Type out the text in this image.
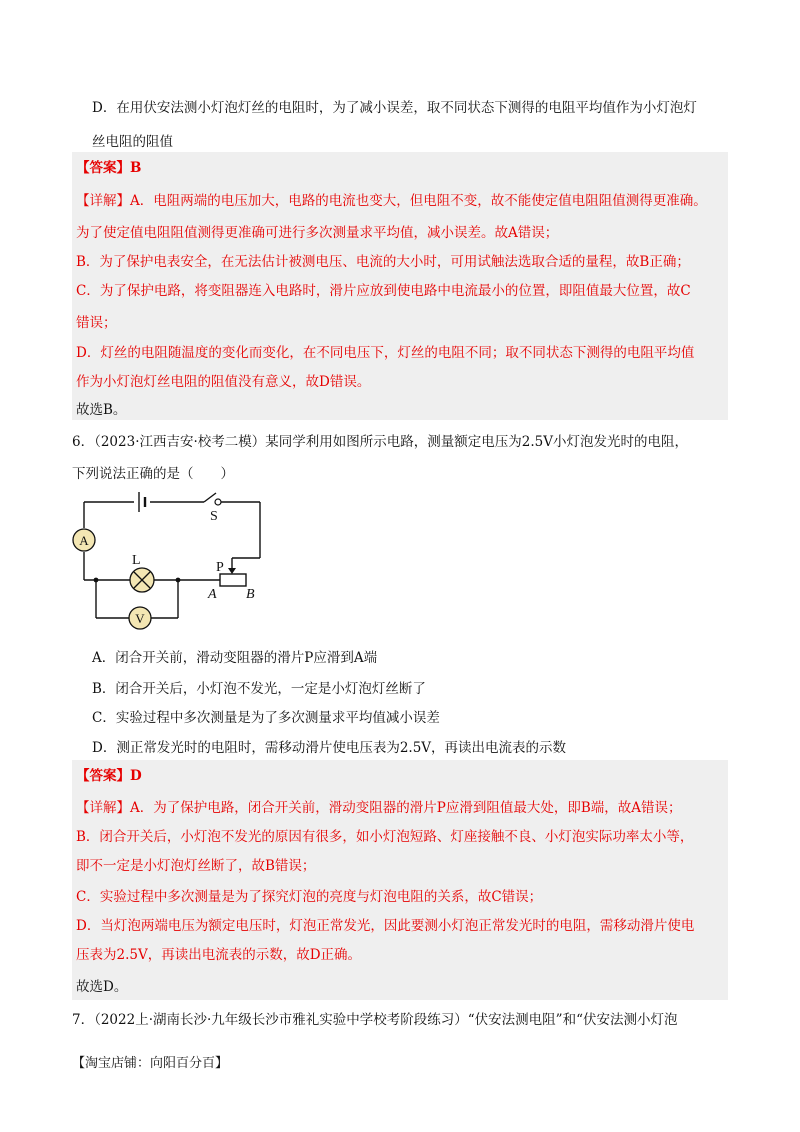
D．在用伏安法测小灯泡灯丝的电阻时，为了减小误差，取不同状态下测得的电阻平均值作为小灯泡灯
丝电阻的阻值
【答案】B
【详解】A．电阻两端的电压加大，电路的电流也变大，但电阻不变，故不能使定值电阻阻值测得更准确。
为了使定值电阻阻值测得更准确可进行多次测量求平均值，减小误差。故A错误；
B．为了保护电表安全，在无法估计被测电压、电流的大小时，可用试触法选取合适的量程，故B正确；
C．为了保护电路，将变阻器连入电路时，滑片应放到使电路中电流最小的位置，即阻值最大位置，故C
错误；
D．灯丝的电阻随温度的变化而变化，在不同电压下，灯丝的电阻不同；取不同状态下测得的电阻平均值
作为小灯泡灯丝电阻的阻值没有意义，故D错误。
故选B。
6．（2023·江西吉安·校考二模）某同学利用如图所示电路，测量额定电压为2.5V小灯泡发光时的电阻，
下列说法正确的是（　　）
A
V
S
L	P
A B
A．闭合开关前，滑动变阻器的滑片P应滑到A端
B．闭合开关后，小灯泡不发光，一定是小灯泡灯丝断了
C．实验过程中多次测量是为了多次测量求平均值减小误差
D．测正常发光时的电阻时，需移动滑片使电压表为2.5V，再读出电流表的示数
【答案】D
【详解】A．为了保护电路，闭合开关前，滑动变阻器的滑片P应滑到阻值最大处，即B端，故A错误；
B．闭合开关后，小灯泡不发光的原因有很多，如小灯泡短路、灯座接触不良、小灯泡实际功率太小等，
即不一定是小灯泡灯丝断了，故B错误；
C．实验过程中多次测量是为了探究灯泡的亮度与灯泡电阻的关系，故C错误；
D．当灯泡两端电压为额定电压时，灯泡正常发光，因此要测小灯泡正常发光时的电阻，需移动滑片使电
压表为2.5V，再读出电流表的示数，故D正确。
故选D。
7．（2022上·湖南长沙·九年级长沙市雅礼实验中学校考阶段练习）“伏安法测电阻”和“伏安法测小灯泡
【淘宝店铺：向阳百分百】
